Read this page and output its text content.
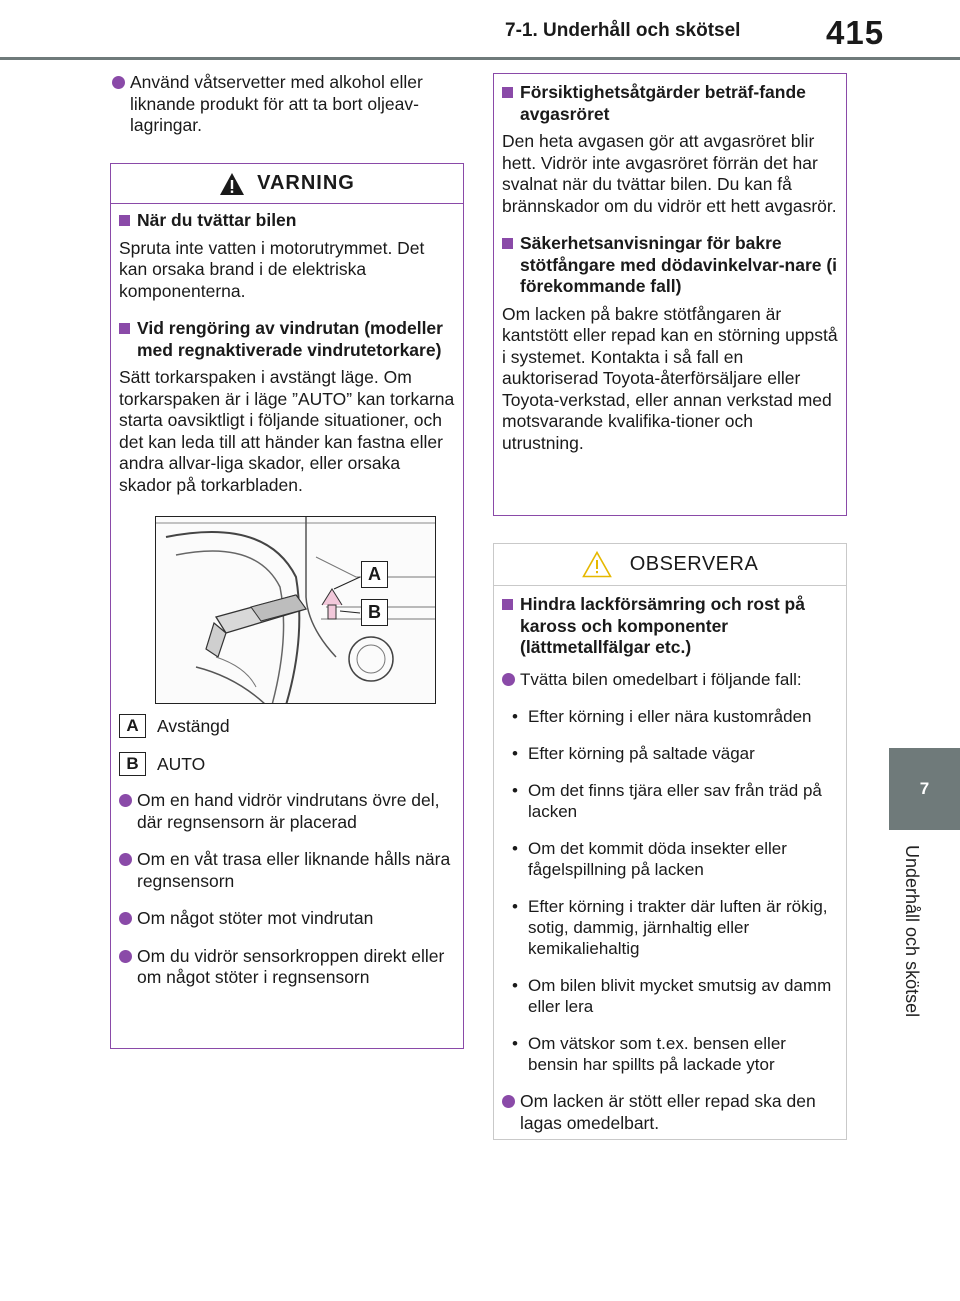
7-1. Underhåll och skötsel	415
7
Underhåll och skötsel
Använd våtservetter med alkohol eller liknande produkt för att ta bort oljeav-lagringar.
VARNING
När du tvättar bilen
Spruta inte vatten i motorutrymmet. Det kan orsaka brand i de elektriska komponenterna.
Vid rengöring av vindrutan (modeller med regnaktiverade vindrutetorkare)
Sätt torkarspaken i avstängt läge. Om torkarspaken är i läge ”AUTO” kan torkarna starta oavsiktligt i följande situationer, och det kan leda till att händer kan fastna eller andra allvar-liga skador, eller orsaka skador på torkarbladen.
A
B
A	Avstängd
B	AUTO
Om en hand vidrör vindrutans övre del, där regnsensorn är placerad
Om en våt trasa eller liknande hålls nära regnsensorn
Om något stöter mot vindrutan
Om du vidrör sensorkroppen direkt eller om något stöter i regnsensorn
Försiktighetsåtgärder beträf-fande avgasröret
Den heta avgasen gör att avgasröret blir hett. Vidrör inte avgasröret förrän det har svalnat när du tvättar bilen. Du kan få brännskador om du vidrör ett hett avgasrör.
Säkerhetsanvisningar för bakre stötfångare med dödavinkelvar-nare (i förekommande fall)
Om lacken på bakre stötfångaren är kantstött eller repad kan en störning uppstå i systemet. Kontakta i så fall en auktoriserad Toyota-återförsäljare eller Toyota-verkstad, eller annan verkstad med motsvarande kvalifika-tioner och utrustning.
OBSERVERA
Hindra lackförsämring och rost på kaross och komponenter (lättmetallfälgar etc.)
Tvätta bilen omedelbart i följande fall:
• Efter körning i eller nära kustområden
• Efter körning på saltade vägar
• Om det finns tjära eller sav från träd på lacken
• Om det kommit döda insekter eller fågelspillning på lacken
• Efter körning i trakter där luften är rökig, sotig, dammig, järnhaltig eller kemikaliehaltig
• Om bilen blivit mycket smutsig av damm eller lera
• Om vätskor som t.ex. bensen eller bensin har spillts på lackade ytor
Om lacken är stött eller repad ska den lagas omedelbart.
